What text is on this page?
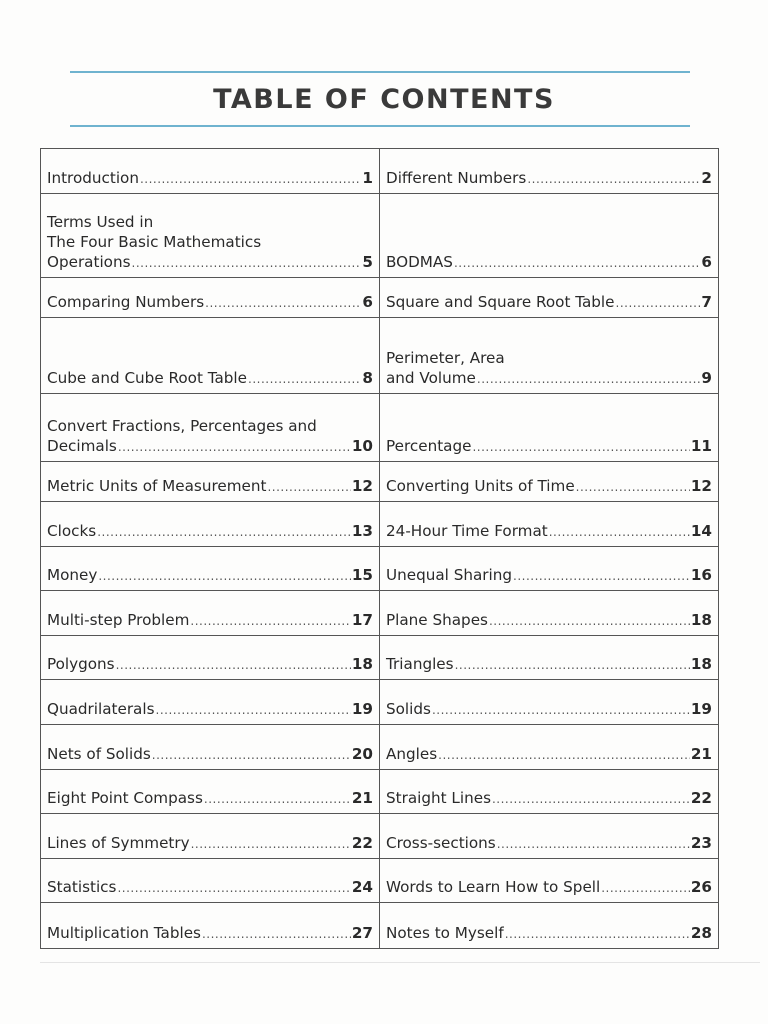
TABLE OF CONTENTS
Introduction ..... 1	Different Numbers ..... 2

Terms Used in
The Four Basic Mathematics
Operations ..... 5	BODMAS ..... 6

Comparing Numbers ..... 6	Square and Square Root Table ..... 7

Cube and Cube Root Table ..... 8	Perimeter, Area
and Volume ..... 9

Convert Fractions, Percentages and
Decimals ..... 10	Percentage ..... 11

Metric Units of Measurement ..... 12	Converting Units of Time ..... 12

Clocks ..... 13	24-Hour Time Format ..... 14

Money ..... 15	Unequal Sharing ..... 16

Multi-step Problem ..... 17	Plane Shapes ..... 18

Polygons ..... 18	Triangles ..... 18

Quadrilaterals ..... 19	Solids ..... 19

Nets of Solids ..... 20	Angles ..... 21

Eight Point Compass ..... 21	Straight Lines ..... 22

Lines of Symmetry ..... 22	Cross-sections ..... 23

Statistics ..... 24	Words to Learn How to Spell ..... 26

Multiplication Tables ..... 27	Notes to Myself ..... 28
